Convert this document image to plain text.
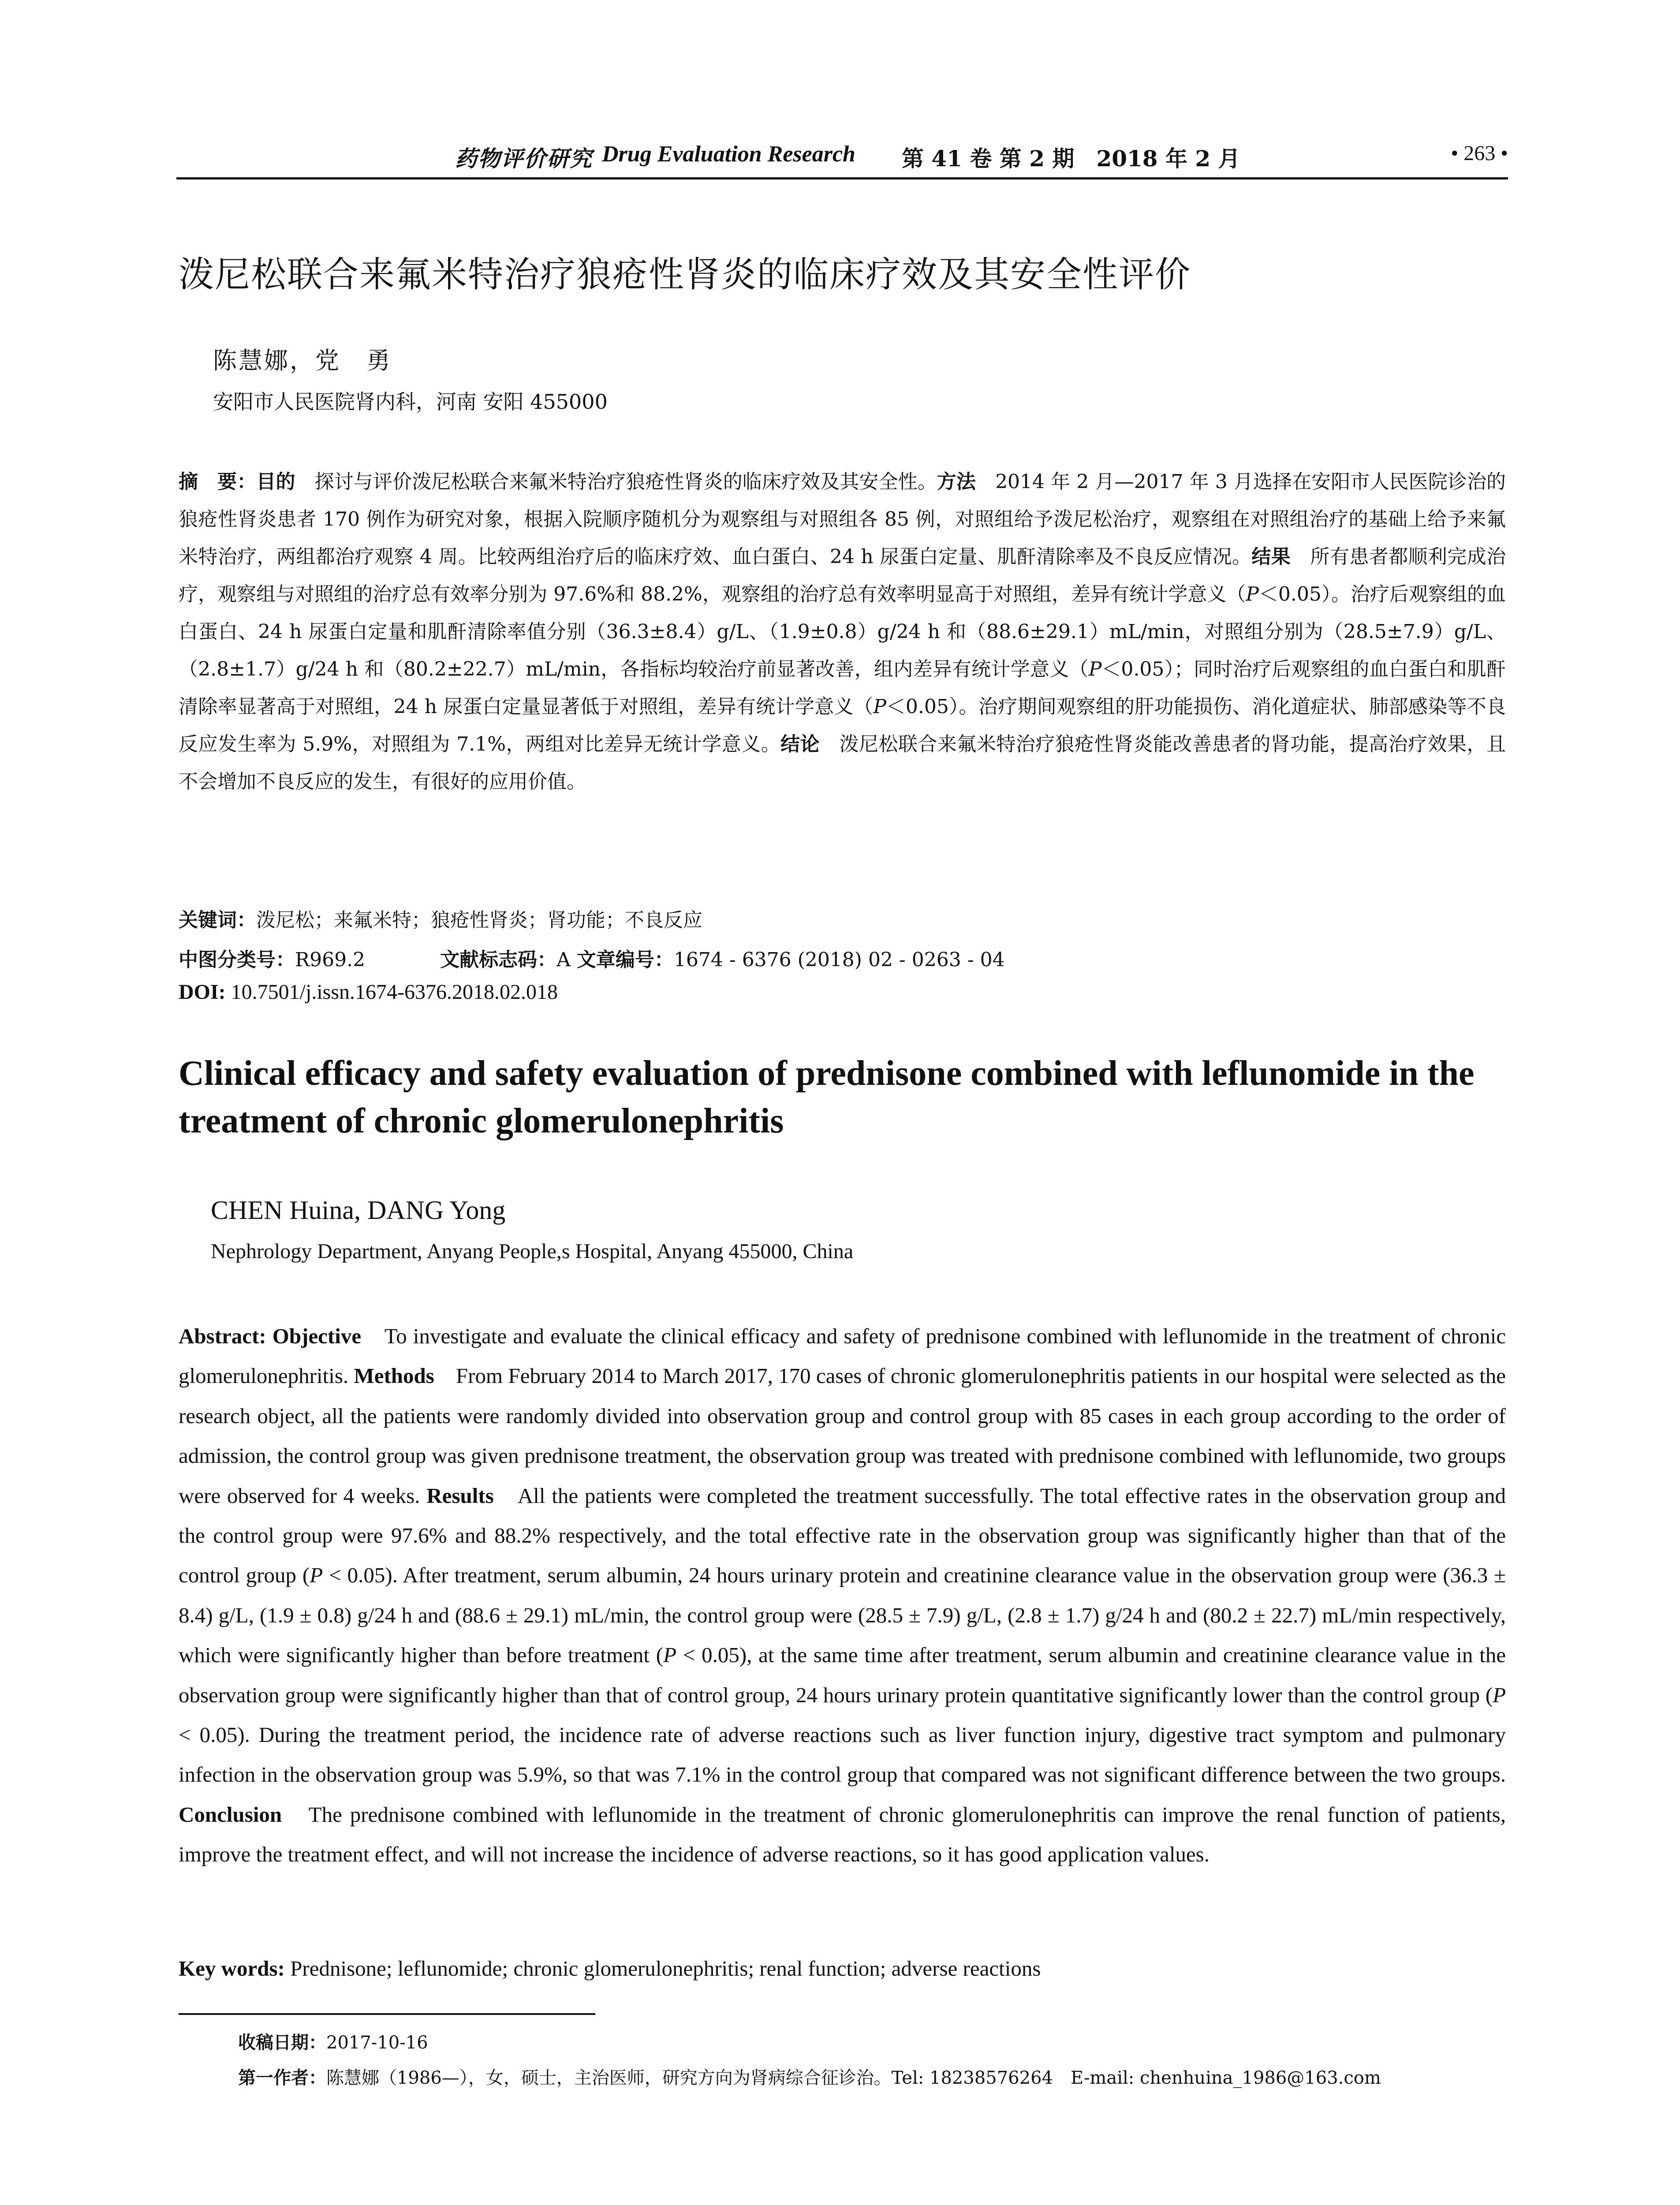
药物评价研究 Drug Evaluation Research 第 41 卷 第 2 期　2018 年 2 月	• 263 •
泼尼松联合来氟米特治疗狼疮性肾炎的临床疗效及其安全性评价
陈慧娜，党　勇
安阳市人民医院肾内科，河南 安阳 455000
摘　要：目的　探讨与评价泼尼松联合来氟米特治疗狼疮性肾炎的临床疗效及其安全性。方法　2014 年 2 月—2017 年 3 月选择在安阳市人民医院诊治的狼疮性肾炎患者 170 例作为研究对象，根据入院顺序随机分为观察组与对照组各 85 例，对照组给予泼尼松治疗，观察组在对照组治疗的基础上给予来氟米特治疗，两组都治疗观察 4 周。比较两组治疗后的临床疗效、血白蛋白、24 h 尿蛋白定量、肌酐清除率及不良反应情况。结果　所有患者都顺利完成治疗，观察组与对照组的治疗总有效率分别为 97.6%和 88.2%，观察组的治疗总有效率明显高于对照组，差异有统计学意义（P＜0.05）。治疗后观察组的血白蛋白、24 h 尿蛋白定量和肌酐清除率值分别（36.3±8.4）g/L、（1.9±0.8）g/24 h 和（88.6±29.1）mL/min，对照组分别为（28.5±7.9）g/L、（2.8±1.7）g/24 h 和（80.2±22.7）mL/min，各指标均较治疗前显著改善，组内差异有统计学意义（P＜0.05）；同时治疗后观察组的血白蛋白和肌酐清除率显著高于对照组，24 h 尿蛋白定量显著低于对照组，差异有统计学意义（P＜0.05）。治疗期间观察组的肝功能损伤、消化道症状、肺部感染等不良反应发生率为 5.9%，对照组为 7.1%，两组对比差异无统计学意义。结论　泼尼松联合来氟米特治疗狼疮性肾炎能改善患者的肾功能，提高治疗效果，且不会增加不良反应的发生，有很好的应用价值。
关键词：泼尼松；来氟米特；狼疮性肾炎；肾功能；不良反应
中图分类号：R969.2	文献标志码：A 文章编号：1674 - 6376 (2018) 02 - 0263 - 04
DOI: 10.7501/j.issn.1674-6376.2018.02.018
Clinical efficacy and safety evaluation of prednisone combined with leflunomide in the treatment of chronic glomerulonephritis
CHEN Huina, DANG Yong
Nephrology Department, Anyang People,s Hospital, Anyang 455000, China
Abstract: Objective　To investigate and evaluate the clinical efficacy and safety of prednisone combined with leflunomide in the treatment of chronic glomerulonephritis. Methods　From February 2014 to March 2017, 170 cases of chronic glomerulonephritis patients in our hospital were selected as the research object, all the patients were randomly divided into observation group and control group with 85 cases in each group according to the order of admission, the control group was given prednisone treatment, the observation group was treated with prednisone combined with leflunomide, two groups were observed for 4 weeks. Results　All the patients were completed the treatment successfully. The total effective rates in the observation group and the control group were 97.6% and 88.2% respectively, and the total effective rate in the observation group was significantly higher than that of the control group (P < 0.05). After treatment, serum albumin, 24 hours urinary protein and creatinine clearance value in the observation group were (36.3 ± 8.4) g/L, (1.9 ± 0.8) g/24 h and (88.6 ± 29.1) mL/min, the control group were (28.5 ± 7.9) g/L, (2.8 ± 1.7) g/24 h and (80.2 ± 22.7) mL/min respectively, which were significantly higher than before treatment (P < 0.05), at the same time after treatment, serum albumin and creatinine clearance value in the observation group were significantly higher than that of control group, 24 hours urinary protein quantitative significantly lower than the control group (P < 0.05). During the treatment period, the incidence rate of adverse reactions such as liver function injury, digestive tract symptom and pulmonary infection in the observation group was 5.9%, so that was 7.1% in the control group that compared was not significant difference between the two groups. Conclusion　The prednisone combined with leflunomide in the treatment of chronic glomerulonephritis can improve the renal function of patients, improve the treatment effect, and will not increase the incidence of adverse reactions, so it has good application values.
Key words: Prednisone; leflunomide; chronic glomerulonephritis; renal function; adverse reactions
收稿日期：2017-10-16
第一作者：陈慧娜（1986—），女，硕士，主治医师，研究方向为肾病综合征诊治。Tel: 18238576264　E-mail: chenhuina_1986@163.com
